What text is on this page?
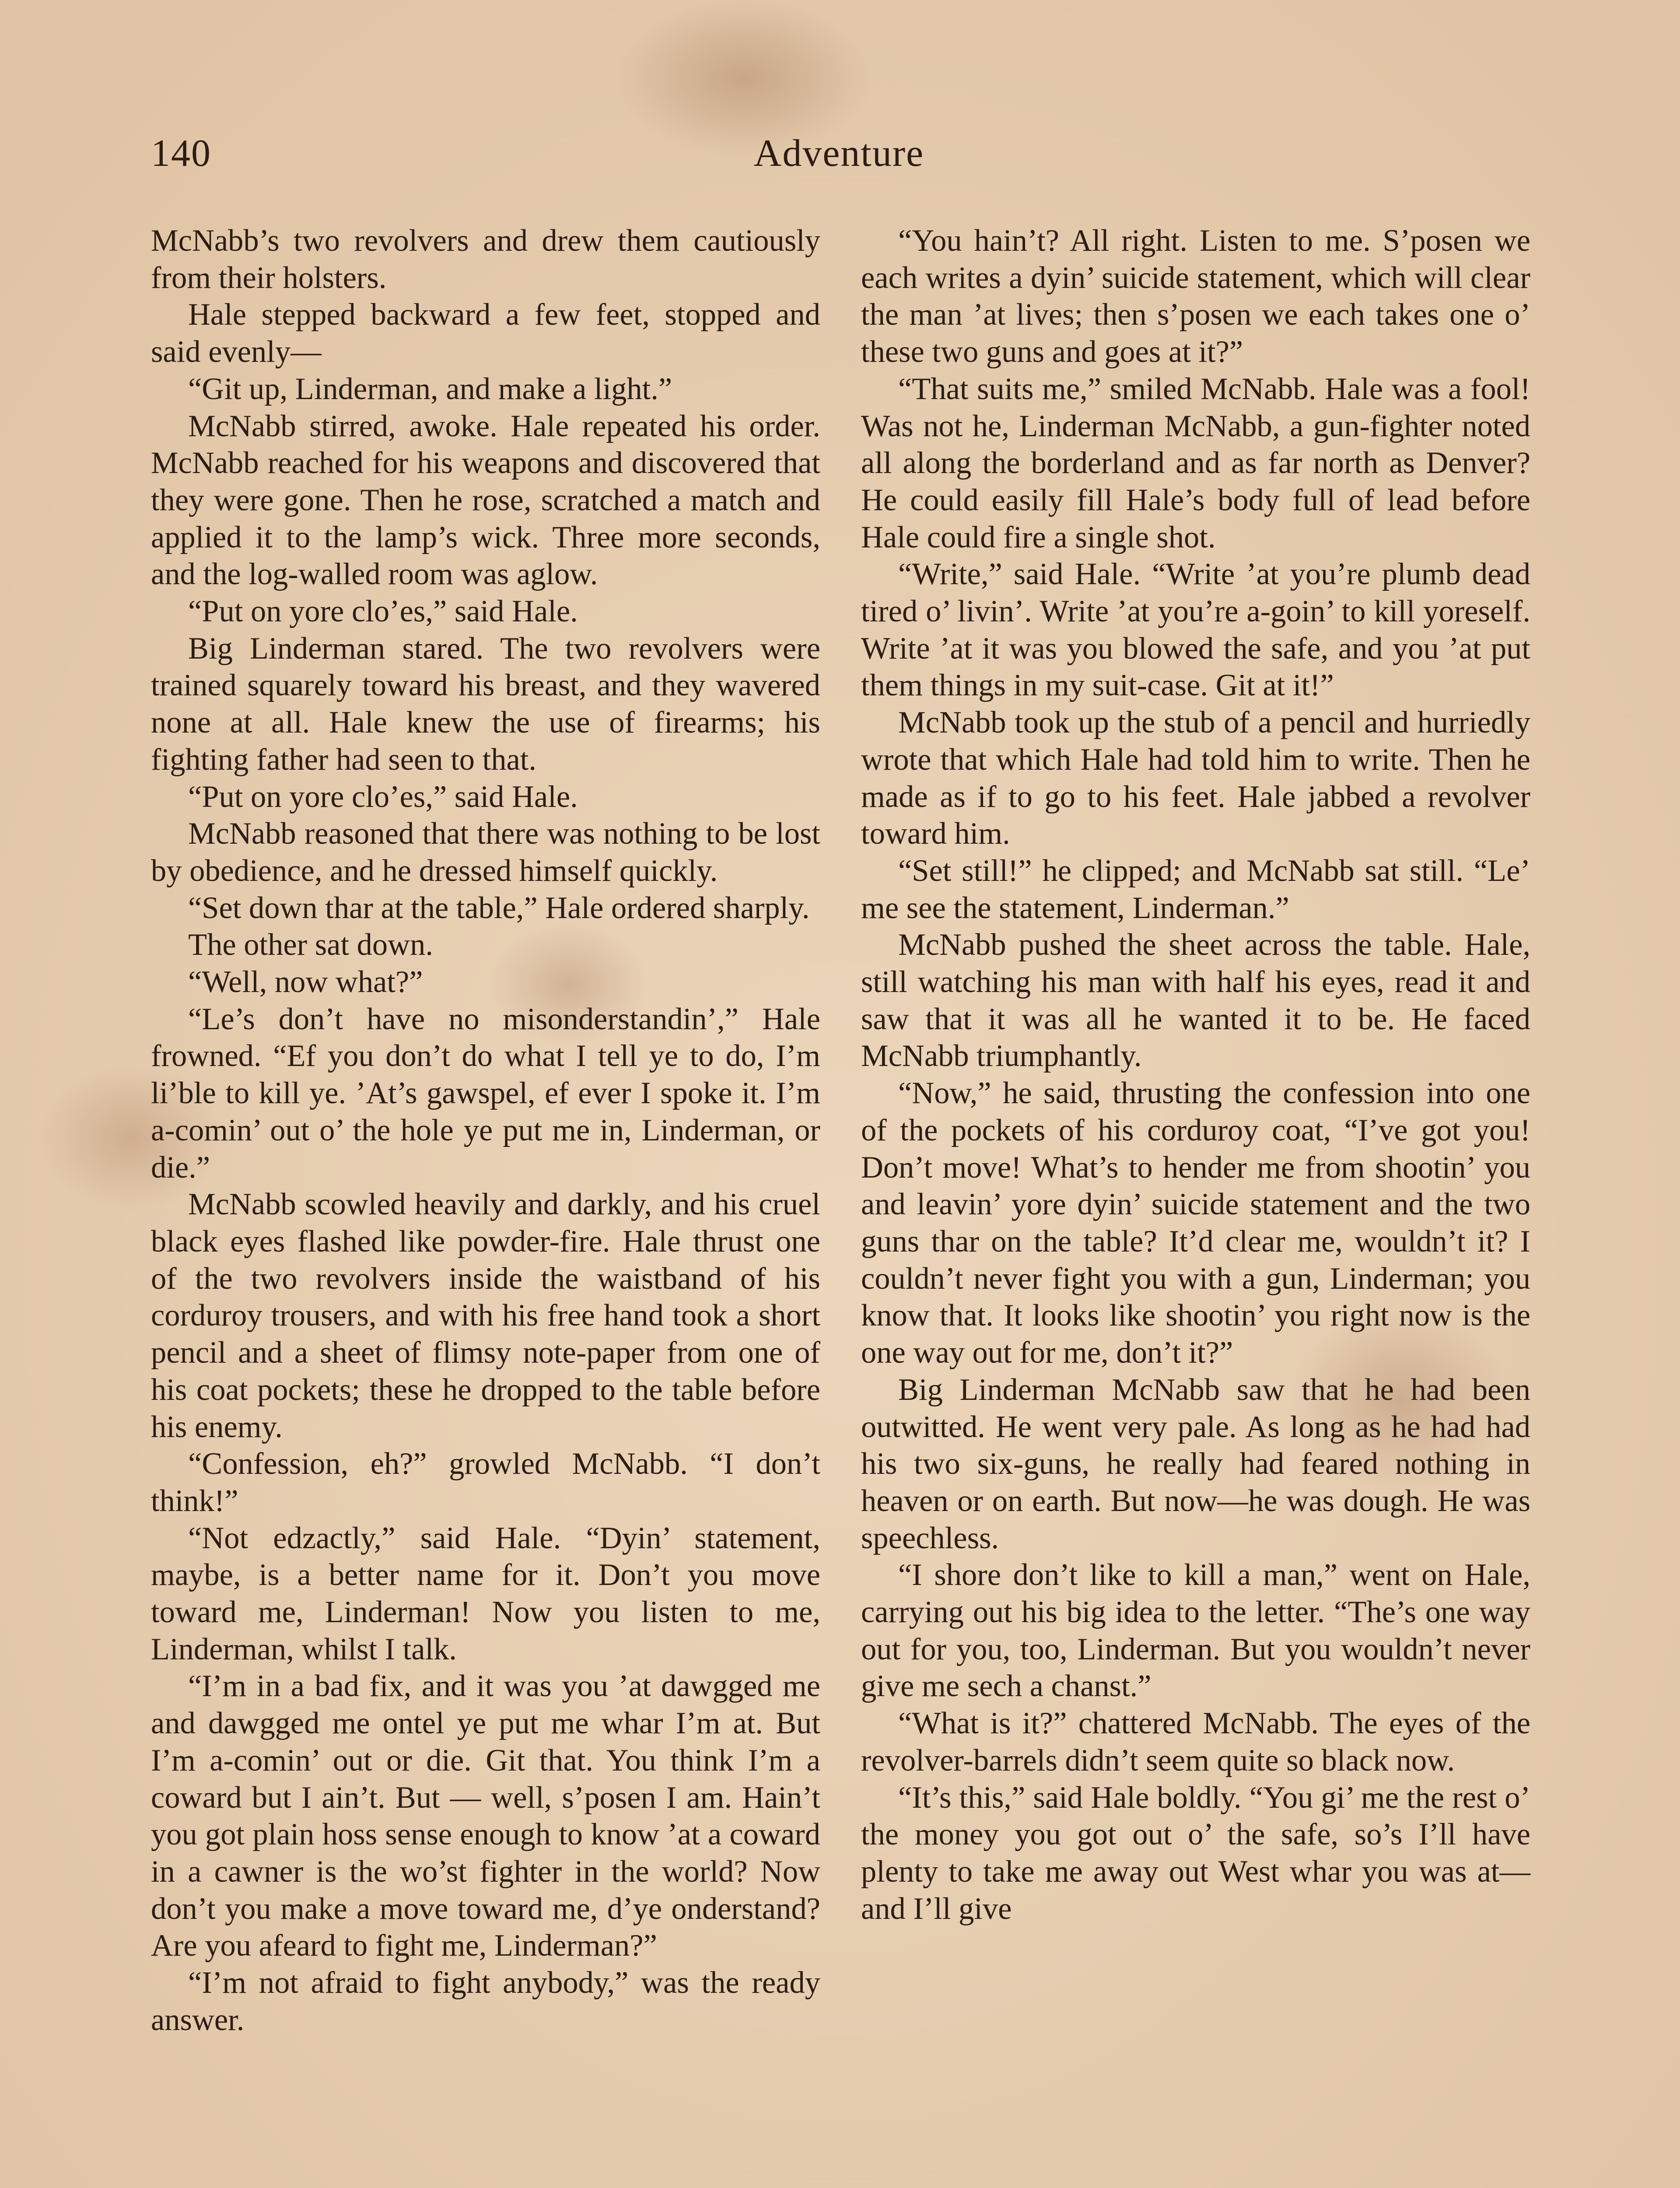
140	Adventure

McNabb’s two revolvers and drew them cautiously from their holsters.

Hale stepped backward a few feet, stopped and said evenly—

“Git up, Linderman, and make a light.”

McNabb stirred, awoke. Hale repeated his order. McNabb reached for his weapons and discovered that they were gone. Then he rose, scratched a match and applied it to the lamp’s wick. Three more seconds, and the log-walled room was aglow.

“Put on yore clo’es,” said Hale.

Big Linderman stared. The two revolvers were trained squarely toward his breast, and they wavered none at all. Hale knew the use of firearms; his fighting father had seen to that.

“Put on yore clo’es,” said Hale.

McNabb reasoned that there was nothing to be lost by obedience, and he dressed himself quickly.

“Set down thar at the table,” Hale ordered sharply.

The other sat down.

“Well, now what?”

“Le’s don’t have no misonderstandin’,” Hale frowned. “Ef you don’t do what I tell ye to do, I’m li’ble to kill ye. ’At’s gawspel, ef ever I spoke it. I’m a-comin’ out o’ the hole ye put me in, Linderman, or die.”

McNabb scowled heavily and darkly, and his cruel black eyes flashed like powder-fire. Hale thrust one of the two revolvers inside the waistband of his corduroy trousers, and with his free hand took a short pencil and a sheet of flimsy note-paper from one of his coat pockets; these he dropped to the table before his enemy.

“Confession, eh?” growled McNabb. “I don’t think!”

“Not edzactly,” said Hale. “Dyin’ statement, maybe, is a better name for it. Don’t you move toward me, Linderman! Now you listen to me, Linderman, whilst I talk.

“I’m in a bad fix, and it was you ’at dawgged me and dawgged me ontel ye put me whar I’m at. But I’m a-comin’ out or die. Git that. You think I’m a coward but I ain’t. But — well, s’posen I am. Hain’t you got plain hoss sense enough to know ’at a coward in a cawner is the wo’st fighter in the world? Now don’t you make a move toward me, d’ye onderstand? Are you afeard to fight me, Linderman?”

“I’m not afraid to fight anybody,” was the ready answer.

“You hain’t? All right. Listen to me. S’posen we each writes a dyin’ suicide statement, which will clear the man ’at lives; then s’posen we each takes one o’ these two guns and goes at it?”

“That suits me,” smiled McNabb. Hale was a fool! Was not he, Linderman McNabb, a gun-fighter noted all along the borderland and as far north as Denver? He could easily fill Hale’s body full of lead before Hale could fire a single shot.

“Write,” said Hale. “Write ’at you’re plumb dead tired o’ livin’. Write ’at you’re a-goin’ to kill yoreself. Write ’at it was you blowed the safe, and you ’at put them things in my suit-case. Git at it!”

McNabb took up the stub of a pencil and hurriedly wrote that which Hale had told him to write. Then he made as if to go to his feet. Hale jabbed a revolver toward him.

“Set still!” he clipped; and McNabb sat still. “Le’ me see the statement, Linderman.”

McNabb pushed the sheet across the table. Hale, still watching his man with half his eyes, read it and saw that it was all he wanted it to be. He faced McNabb triumphantly.

“Now,” he said, thrusting the confession into one of the pockets of his corduroy coat, “I’ve got you! Don’t move! What’s to hender me from shootin’ you and leavin’ yore dyin’ suicide statement and the two guns thar on the table? It’d clear me, wouldn’t it? I couldn’t never fight you with a gun, Linderman; you know that. It looks like shootin’ you right now is the one way out for me, don’t it?”

Big Linderman McNabb saw that he had been outwitted. He went very pale. As long as he had had his two six-guns, he really had feared nothing in heaven or on earth. But now—he was dough. He was speechless.

“I shore don’t like to kill a man,” went on Hale, carrying out his big idea to the letter. “The’s one way out for you, too, Linderman. But you wouldn’t never give me sech a chanst.”

“What is it?” chattered McNabb. The eyes of the revolver-barrels didn’t seem quite so black now.

“It’s this,” said Hale boldly. “You gi’ me the rest o’ the money you got out o’ the safe, so’s I’ll have plenty to take me away out West whar you was at—and I’ll give
